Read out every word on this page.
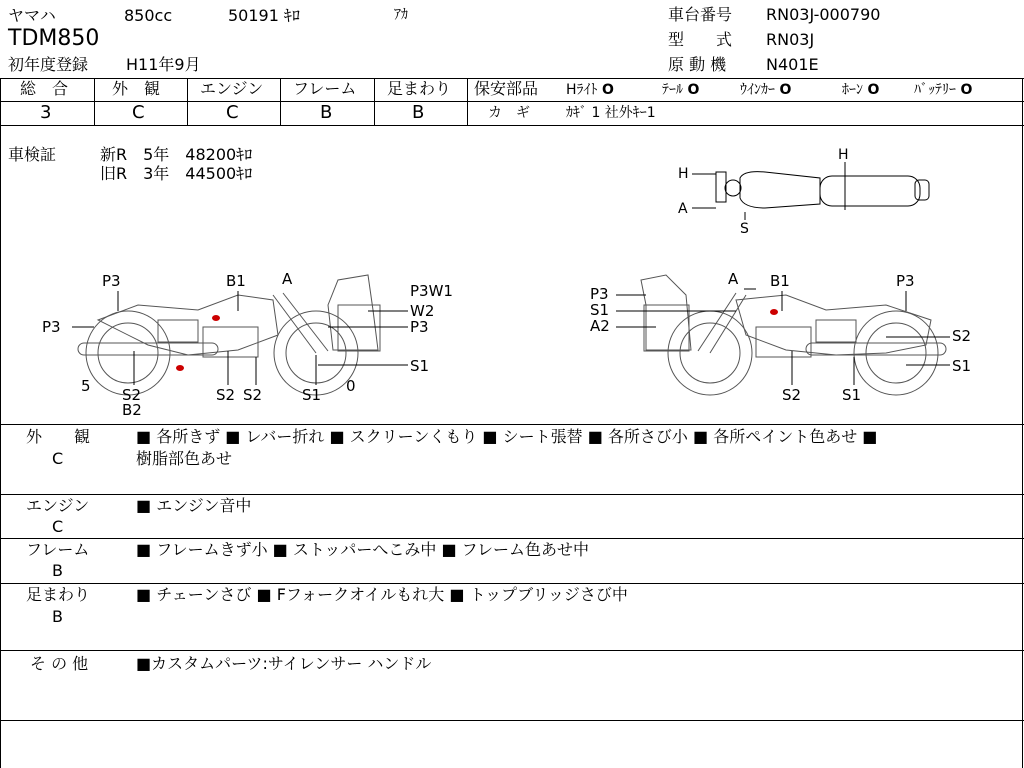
ヤマハ	850cc	50191 ｷﾛ	ｱｶ
TDM850
初年度登録 H11年9月
車台番号 RN03J-000790
型　　式 RN03J
原 動 機 N401E
総　合
3
外　観
C
エンジン
C
フレーム
B
足まわり
B
保安部品 Hﾗｲﾄ O	ﾃｰﾙ O	ｳｲﾝｶｰ O	ﾎｰﾝ O ﾊﾞｯﾃﾘｰ O
カ　ギ	ｶｷﾞ 1 社外ｷｰ1
車検証	新R　5年　48200ｷﾛ
旧R　3年　44500ｷﾛ	H
A
S
H
P3	B1 A
P3W1
P3
W2
P3
S1
S2
B2
S2 S2	S1
5	0
A B1	P3
P3
S1
A2
S2	S1
S2
S1
外　　観
C
■ 各所きず ■ レバー折れ ■ スクリーンくもり ■ シート張替 ■ 各所さび小 ■ 各所ペイント色あせ ■
樹脂部色あせ
エンジン
C
■ エンジン音中
フレーム
B
■ フレームきず小 ■ ストッパーへこみ中 ■ フレーム色あせ中
足まわり
B
■ チェーンさび ■ Fフォークオイルもれ大 ■ トップブリッジさび中
そ の 他	■カスタムパーツ:サイレンサー ハンドル
